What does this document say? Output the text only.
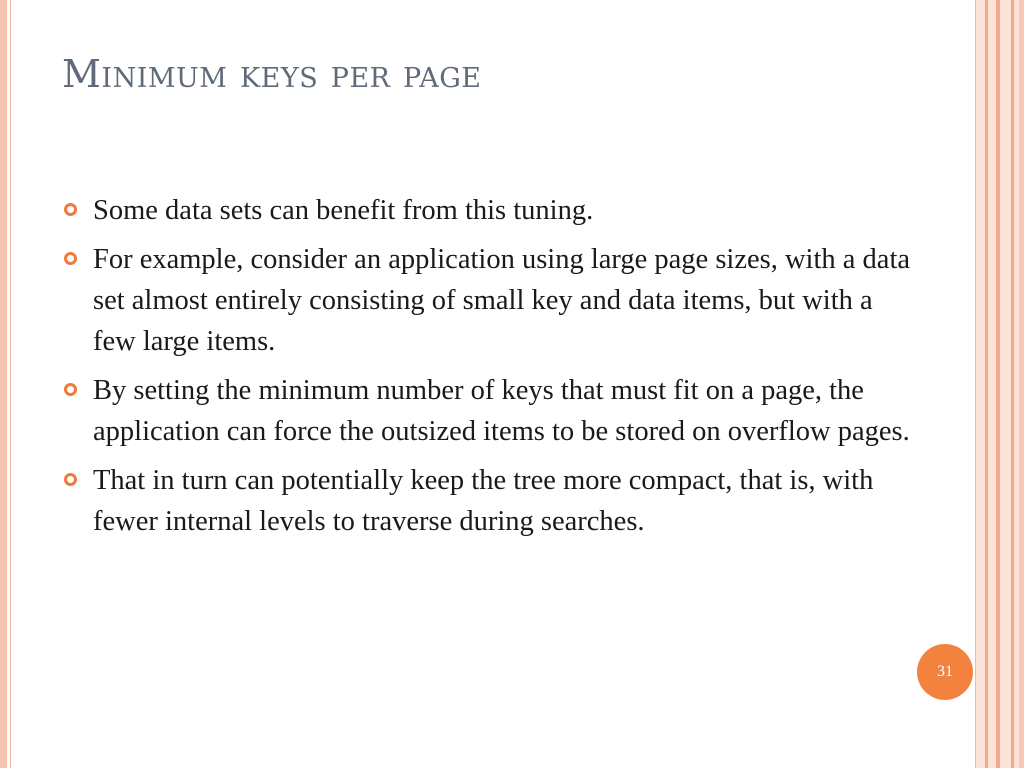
Minimum keys per page
Some data sets can benefit from this tuning.
For example, consider an application using large page sizes, with a data set almost entirely consisting of small key and data items, but with a few large items.
By setting the minimum number of keys that must fit on a page, the application can force the outsized items to be stored on overflow pages.
That in turn can potentially keep the tree more compact, that is, with fewer internal levels to traverse during searches.
31
